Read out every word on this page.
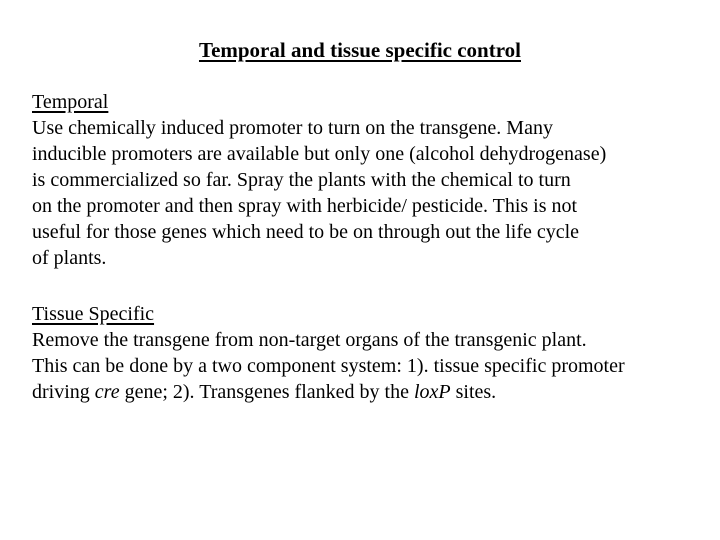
Temporal and tissue specific control
Temporal
Use chemically induced promoter to turn on the transgene. Many
inducible promoters are available but only one (alcohol dehydrogenase)
is commercialized so far. Spray the plants with the chemical to turn
on the promoter and then spray with herbicide/ pesticide. This is not
useful for those genes which need to be on through out the life cycle
of plants.
Tissue Specific
Remove the transgene from non-target organs of the transgenic plant.
This can be done by a two component system: 1). tissue specific promoter
driving cre gene; 2). Transgenes flanked by the loxP sites.
